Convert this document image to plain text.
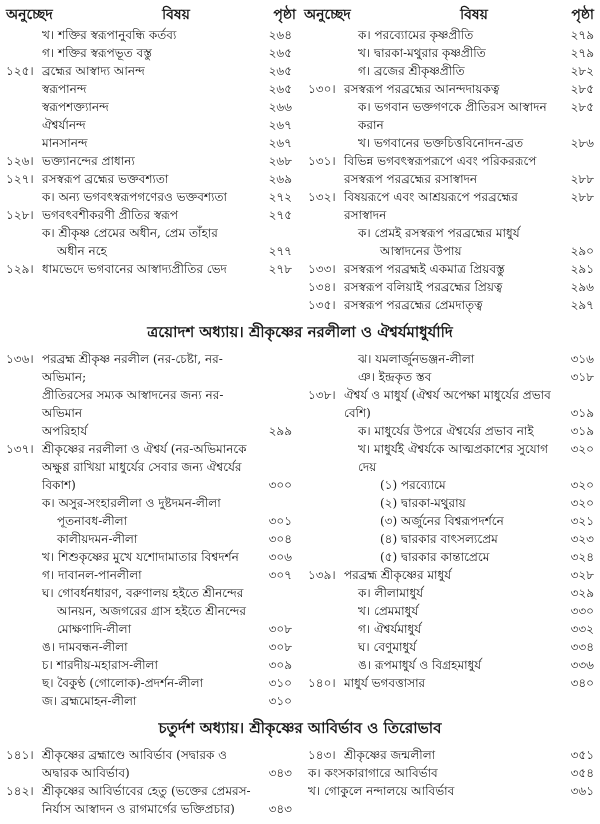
অনুচ্ছেদ	বিষয়	পৃষ্ঠা অনুচ্ছেদ	বিষয়	পৃষ্ঠা
খ। শক্তির স্বরূপানুবন্ধি কর্তব্য	২৬৪
গ। শক্তির স্বরূপভূত বস্তু	২৬৫
১২৫। ব্রহ্মের আস্বাদ্য আনন্দ	২৬৫
স্বরূপানন্দ	২৬৫
স্বরূপশক্ত্যানন্দ	২৬৬
ঐশ্বর্যানন্দ	২৬৭
মানসানন্দ	২৬৭
১২৬। ভক্ত্যানন্দের প্রাধান্য	২৬৮
১২৭। রসস্বরূপ ব্রহ্মের ভক্তবশ্যতা	২৬৯
ক। অন্য ভগবৎস্বরূপগণেরও ভক্তবশ্যতা	২৭২
১২৮। ভগবৎবশীকরণী প্রীতির স্বরূপ	২৭৫
ক। শ্রীকৃষ্ণ প্রেমের অধীন, প্রেম তাঁহার
অধীন নহে	২৭৭
১২৯। ধামভেদে ভগবানের আস্বাদ্যপ্রীতির ভেদ	২৭৮
ক। পরব্যোমের কৃষ্ণপ্রীতি	২৭৯
খ। দ্বারকা-মথুরার কৃষ্ণপ্রীতি	২৭৯
গ। ব্রজের শ্রীকৃষ্ণপ্রীতি	২৮২
১৩০। রসস্বরূপ পরব্রহ্মের আনন্দদায়কত্ব	২৮৫
ক। ভগবান ভক্তগণকে প্রীতিরস আস্বাদন করান
২৮৫
খ। ভগবানের ভক্তচিত্তবিনোদন-ব্রত	২৮৬
১৩১। বিভিন্ন ভগবৎস্বরূপরূপে এবং পরিকররূপে
রসস্বরূপ পরব্রহ্মের রসাস্বাদন	২৮৮
১৩২। বিষয়রূপে এবং আশ্রয়রূপে পরব্রহ্মের রসাস্বাদন
২৮৮
ক। প্রেমই রসস্বরূপ পরব্রহ্মের মাধুর্য
আস্বাদনের উপায়	২৯০
১৩৩। রসস্বরূপ পরব্রহ্মই একমাত্র প্রিয়বস্তু	২৯১
১৩৪। রসস্বরূপ বলিয়াই পরব্রহ্মের প্রিয়ত্ব	২৯৬
১৩৫। রসস্বরূপ পরব্রহ্মের প্রেমদাতৃত্ব	২৯৭
ত্রয়োদশ অধ্যায়। শ্রীকৃষ্ণের নরলীলা ও ঐশ্বর্যমাধুর্যাদি
১৩৬। পরব্রহ্ম শ্রীকৃষ্ণ নরলীল (নর-চেষ্টা, নর-অভিমান;
প্রীতিরসের সম্যক আস্বাদনের জন্য নর-অভিমান
অপরিহার্য	২৯৯
১৩৭। শ্রীকৃষ্ণের নরলীলা ও ঐশ্বর্য (নর-অভিমানকে
অক্ষুণ্ণ রাখিয়া মাধুর্যের সেবার জন্য ঐশ্বর্যের
বিকাশ)	৩০০
ক। অসুর-সংহারলীলা ও দুষ্টদমন-লীলা
পূতনাবধ-লীলা	৩০১
কালীয়দমন-লীলা	৩০৪
খ। শিশুকৃষ্ণের মুখে যশোদামাতার বিশ্বদর্শন	৩০৬
গ। দাবানল-পানলীলা	৩০৭
ঘ। গোবর্ধনধারণ, বরুণালয় হইতে শ্রীনন্দের
আনয়ন, অজগরের গ্রাস হইতে শ্রীনন্দের
মোক্ষণাদি-লীলা	৩০৮
ঙ। দামবন্ধন-লীলা	৩০৮
চ। শারদীয়-মহারাস-লীলা	৩০৯
ছ। বৈকুণ্ঠ (গোলোক)-প্রদর্শন-লীলা	৩১০
জ। ব্রহ্মমোহন-লীলা	৩১০
ঝ। যমলার্জুনভঞ্জন-লীলা	৩১৬
ঞ। ইন্দ্রকৃত স্তব	৩১৮
১৩৮। ঐশ্বর্য ও মাধুর্য (ঐশ্বর্য অপেক্ষা মাধুর্যের প্রভাব
বেশি)	৩১৯
ক। মাধুর্যের উপরে ঐশ্বর্যের প্রভাব নাই	৩১৯
খ। মাধুর্যই ঐশ্বর্যকে আত্মপ্রকাশের সুযোগ দেয়
৩২০
(১) পরব্যোমে	৩২০
(২) দ্বারকা-মথুরায়	৩২০
(৩) অর্জুনের বিশ্বরূপদর্শনে	৩২১
(৪) দ্বারকার বাৎসল্যপ্রেম	৩২৩
(৫) দ্বারকার কান্তাপ্রেমে	৩২৪
১৩৯। পরব্রহ্ম শ্রীকৃষ্ণের মাধুর্য	৩২৮
ক। লীলামাধুর্য	৩২৯
খ। প্রেমমাধুর্য	৩৩০
গ। ঐশ্বর্যমাধুর্য	৩৩২
ঘ। বেণুমাধুর্য	৩৩৪
ঙ। রূপমাধুর্য ও বিগ্রহমাধুর্য	৩৩৬
১৪০। মাধুর্য ভগবত্তাসার	৩৪০
চতুর্দশ অধ্যায়। শ্রীকৃষ্ণের আবির্ভাব ও তিরোভাব
১৪১। শ্রীকৃষ্ণের ব্রহ্মাণ্ডে আবির্ভাব (সদ্বারক ও
অদ্বারক আবির্ভাব)	৩৪৩
১৪২। শ্রীকৃষ্ণের আবির্ভাবের হেতু (ভক্তের প্রেমরস-
নির্যাস আস্বাদন ও রাগমার্গের ভক্তিপ্রচার)	৩৪৩
১৪৩। শ্রীকৃষ্ণের জন্মলীলা	৩৫১
ক। কংসকারাগারে আবির্ভাব	৩৫৪
খ। গোকুলে নন্দালয়ে আবির্ভাব	৩৬১
